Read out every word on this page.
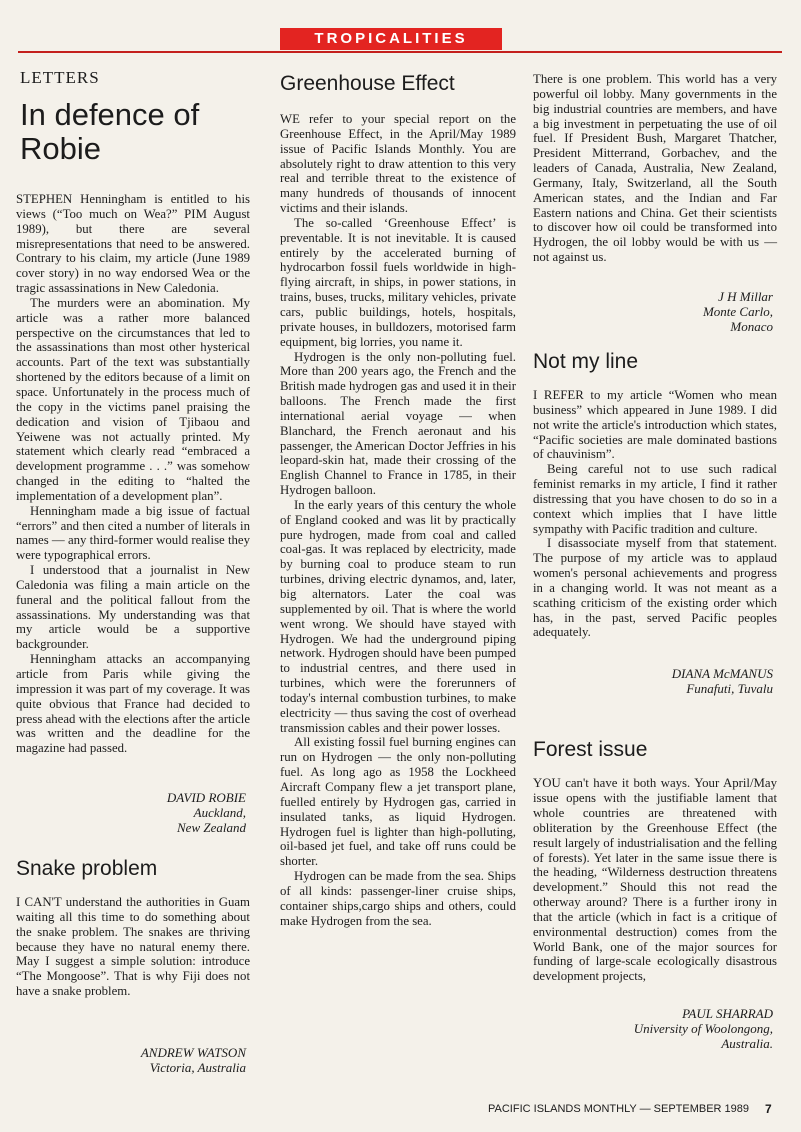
TROPICALITIES
LETTERS
In defence of Robie

STEPHEN Henningham is entitled to his views (“Too much on Wea?” PIM August 1989), but there are several misrepresentations that need to be answered. Contrary to his claim, my article (June 1989 cover story) in no way endorsed Wea or the tragic assassinations in New Caledonia.

The murders were an abomination. My article was a rather more balanced perspective on the circumstances that led to the assassinations than most other hysterical accounts. Part of the text was substantially shortened by the editors because of a limit on space. Unfortunately in the process much of the copy in the victims panel praising the dedication and vision of Tjibaou and Yeiwene was not actually printed. My statement which clearly read “embraced a development programme . . .” was somehow changed in the editing to “halted the implementation of a development plan”.

Henningham made a big issue of factual “errors” and then cited a number of literals in names — any third-former would realise they were typographical errors.

I understood that a journalist in New Caledonia was filing a main article on the funeral and the political fallout from the assassinations. My understanding was that my article would be a supportive backgrounder.

Henningham attacks an accompanying article from Paris while giving the impression it was part of my coverage. It was quite obvious that France had decided to press ahead with the elections after the article was written and the deadline for the magazine had passed.

DAVID ROBIE
Auckland,
New Zealand
Snake problem

I CAN'T understand the authorities in Guam waiting all this time to do something about the snake problem. The snakes are thriving because they have no natural enemy there. May I suggest a simple solution: introduce “The Mongoose”. That is why Fiji does not have a snake problem.

ANDREW WATSON
Victoria, Australia
Greenhouse Effect

WE refer to your special report on the Greenhouse Effect, in the April/May 1989 issue of Pacific Islands Monthly. You are absolutely right to draw attention to this very real and terrible threat to the existence of many hundreds of thousands of innocent victims and their islands.

The so-called ‘Greenhouse Effect’ is preventable. It is not inevitable. It is caused entirely by the accelerated burning of hydrocarbon fossil fuels worldwide in high-flying aircraft, in ships, in power stations, in trains, buses, trucks, military vehicles, private cars, public buildings, hotels, hospitals, private houses, in bulldozers, motorised farm equipment, big lorries, you name it.

Hydrogen is the only non-polluting fuel. More than 200 years ago, the French and the British made hydrogen gas and used it in their balloons. The French made the first international aerial voyage — when Blanchard, the French aeronaut and his passenger, the American Doctor Jeffries in his leopard-skin hat, made their crossing of the English Channel to France in 1785, in their Hydrogen balloon.

In the early years of this century the whole of England cooked and was lit by practically pure hydrogen, made from coal and called coal-gas. It was replaced by electricity, made by burning coal to produce steam to run turbines, driving electric dynamos, and, later, big alternators. Later the coal was supplemented by oil. That is where the world went wrong. We should have stayed with Hydrogen. We had the underground piping network. Hydrogen should have been pumped to industrial centres, and there used in turbines, which were the forerunners of today's internal combustion turbines, to make electricity — thus saving the cost of overhead transmission cables and their power losses.

All existing fossil fuel burning engines can run on Hydrogen — the only non-polluting fuel. As long ago as 1958 the Lockheed Aircraft Company flew a jet transport plane, fuelled entirely by Hydrogen gas, carried in insulated tanks, as liquid Hydrogen. Hydrogen fuel is lighter than high-polluting, oil-based jet fuel, and take off runs could be shorter.

Hydrogen can be made from the sea. Ships of all kinds: passenger-liner cruise ships, container ships,cargo ships and others, could make Hydrogen from the sea.

There is one problem. This world has a very powerful oil lobby. Many governments in the big industrial countries are members, and have a big investment in perpetuating the use of oil fuel. If President Bush, Margaret Thatcher, President Mitterrand, Gorbachev, and the leaders of Canada, Australia, New Zealand, Germany, Italy, Switzerland, all the South American states, and the Indian and Far Eastern nations and China. Get their scientists to discover how oil could be transformed into Hydrogen, the oil lobby would be with us — not against us.

J H Millar
Monte Carlo,
Monaco
Not my line

I REFER to my article “Women who mean business” which appeared in June 1989. I did not write the article's introduction which states, “Pacific societies are male dominated bastions of chauvinism”.

Being careful not to use such radical feminist remarks in my article, I find it rather distressing that you have chosen to do so in a context which implies that I have little sympathy with Pacific tradition and culture.

I disassociate myself from that statement. The purpose of my article was to applaud women's personal achievements and progress in a changing world. It was not meant as a scathing criticism of the existing order which has, in the past, served Pacific peoples adequately.

DIANA McMANUS
Funafuti, Tuvalu
Forest issue

YOU can't have it both ways. Your April/May issue opens with the justifiable lament that whole countries are threatened with obliteration by the Greenhouse Effect (the result largely of industrialisation and the felling of forests). Yet later in the same issue there is the heading, “Wilderness destruction threatens development.” Should this not read the otherway around? There is a further irony in that the article (which in fact is a critique of environmental destruction) comes from the World Bank, one of the major sources for funding of large-scale ecologically disastrous development projects,

PAUL SHARRAD
University of Woolongong,
Australia.
PACIFIC ISLANDS MONTHLY — SEPTEMBER 1989 7
